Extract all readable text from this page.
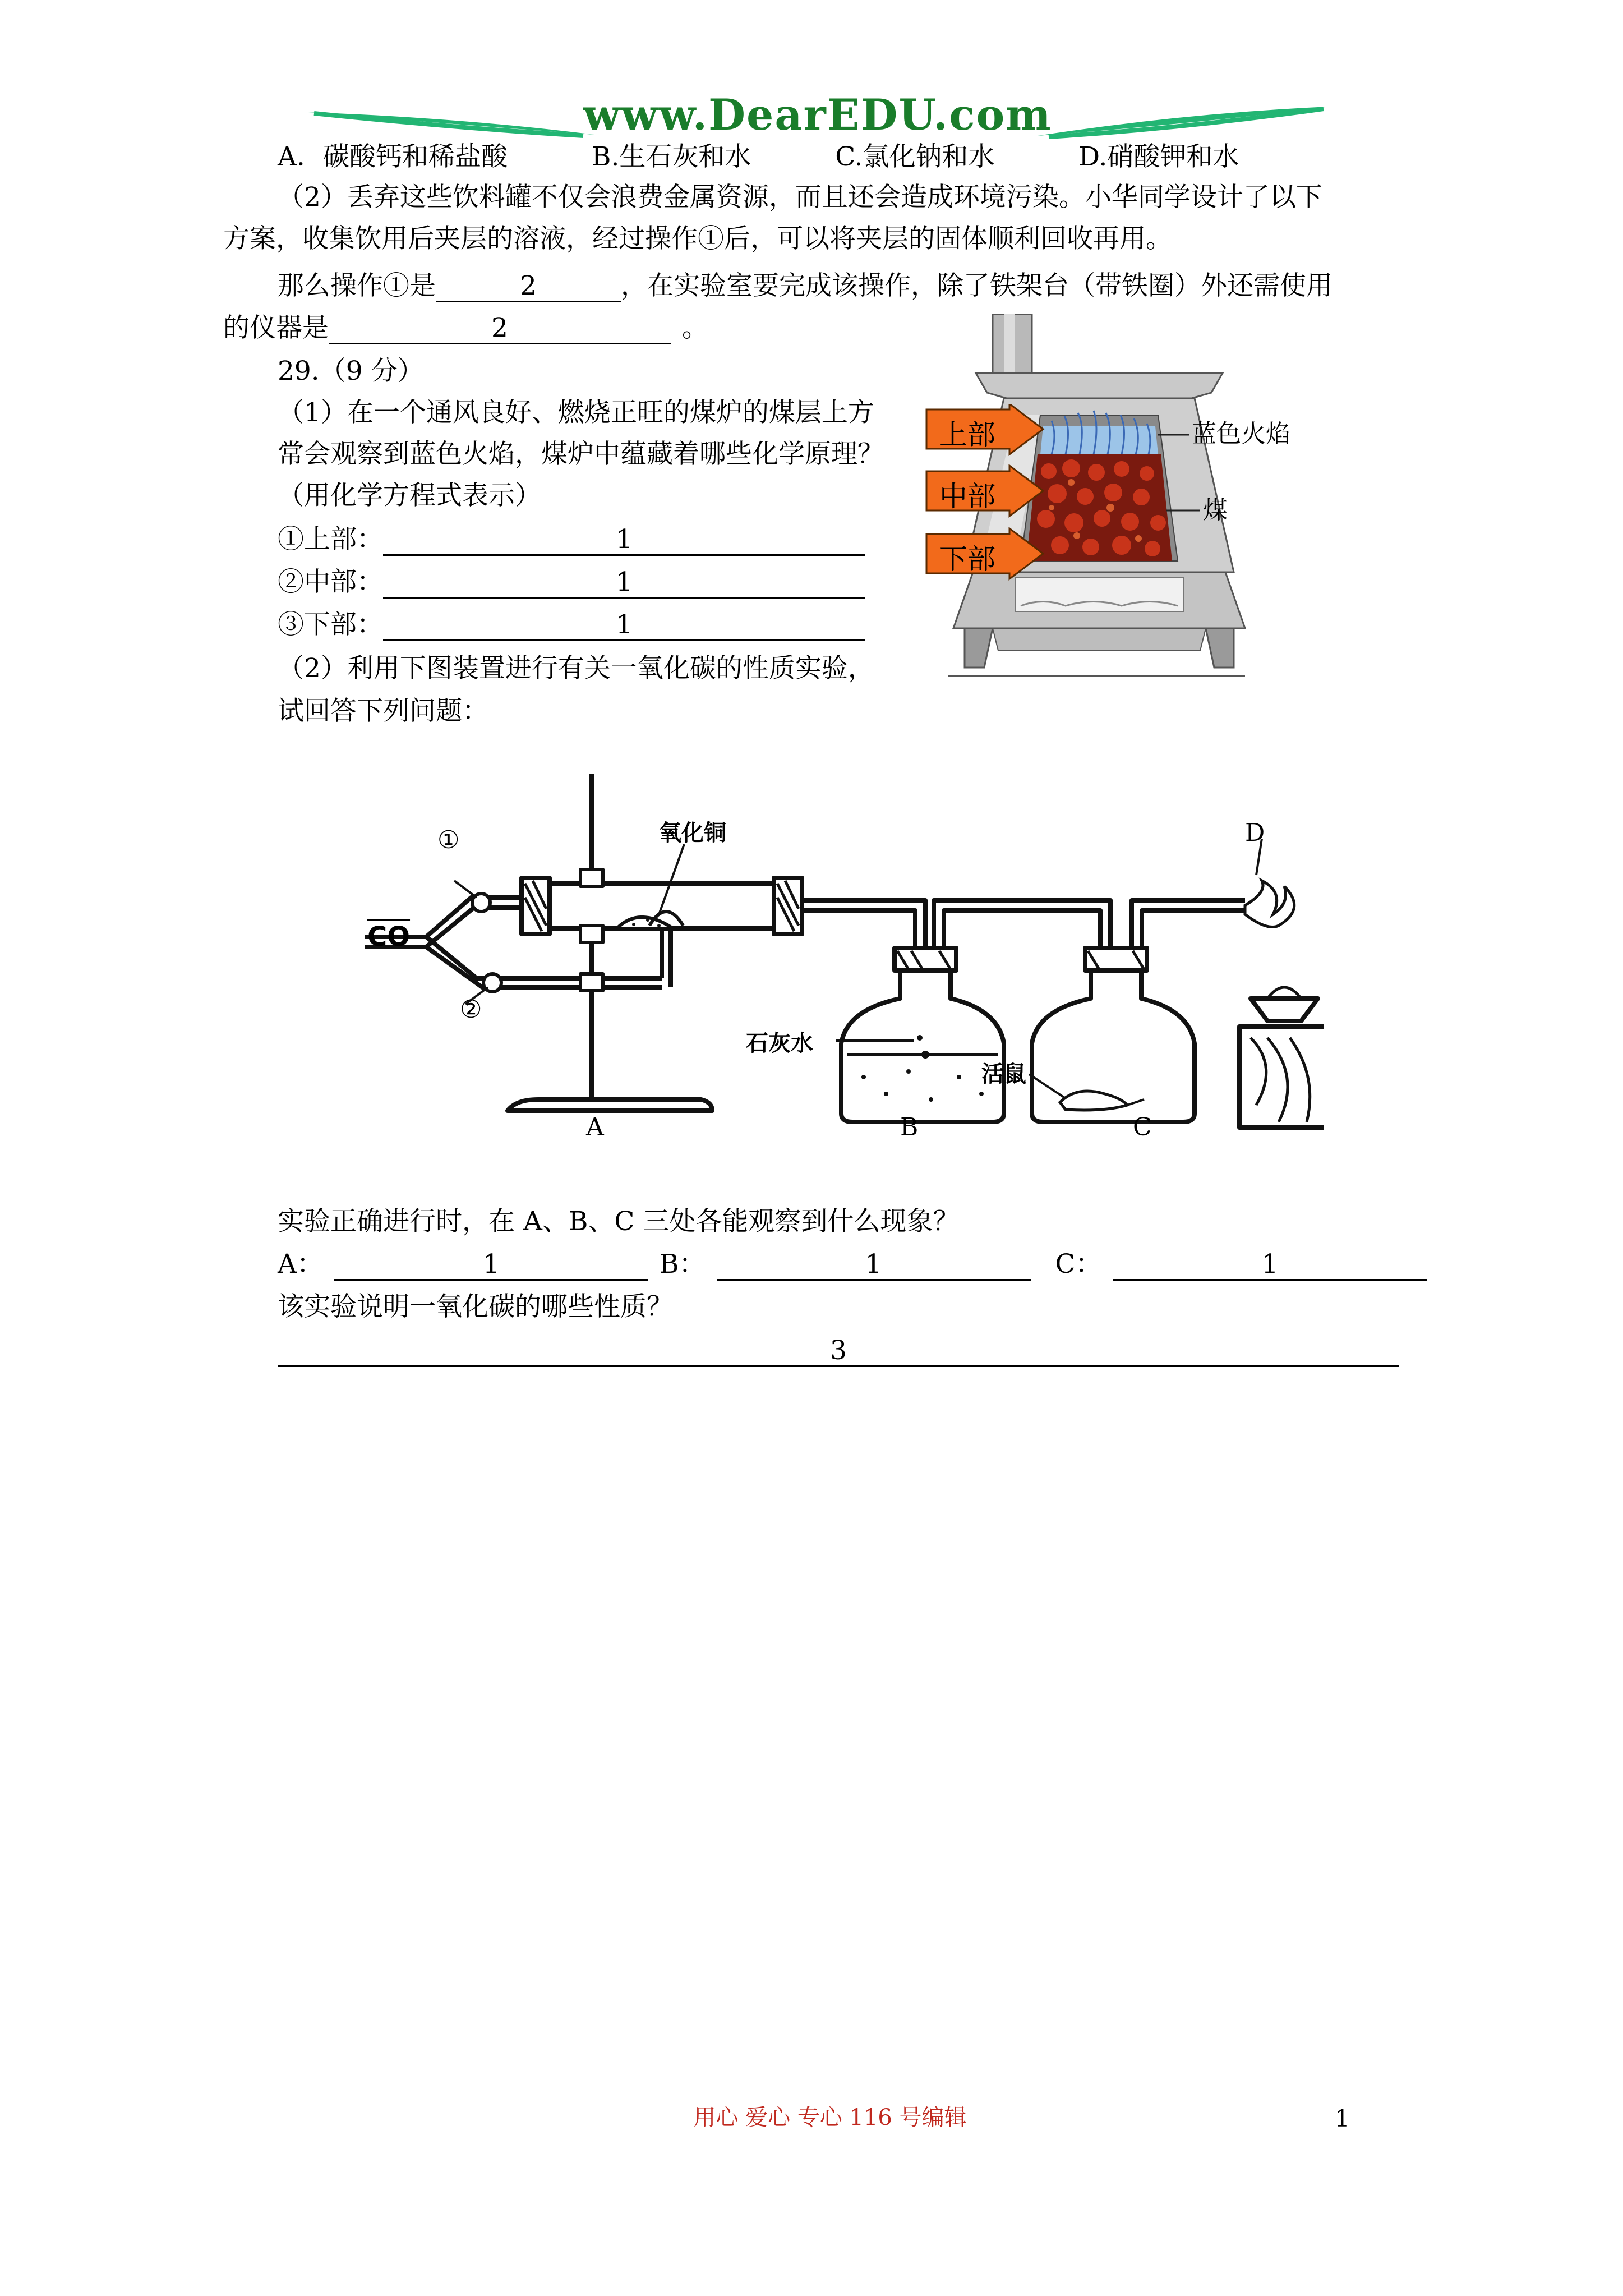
www.DearEDU.com
A．碳酸钙和稀盐酸	B.生石灰和水	C.氯化钠和水	D.硝酸钾和水
（2）丢弃这些饮料罐不仅会浪费金属资源，而且还会造成环境污染。小华同学设计了以下
方案，收集饮用后夹层的溶液，经过操作①后，可以将夹层的固体顺利回收再用。
那么操作①是	2	，在实验室要完成该操作，除了铁架台（带铁圈）外还需使用
的仪器是	2	。
29.（9 分）
（1）在一个通风良好、燃烧正旺的煤炉的煤层上方
常会观察到蓝色火焰，煤炉中蕴藏着哪些化学原理？
（用化学方程式表示）
①上部：	1
②中部：	1
③下部：	1
（2）利用下图装置进行有关一氧化碳的性质实验，
试回答下列问题：
上部
中部
下部
蓝色火焰
煤
$\overline{CO}$
①
②
氧化铜
石灰水
活鼠
A	B	C
D
实验正确进行时，在 A、B、C 三处各能观察到什么现象？
A：	1	B：	1	C：	1
该实验说明一氧化碳的哪些性质？
3
用心 爱心 专心 116 号编辑	1
